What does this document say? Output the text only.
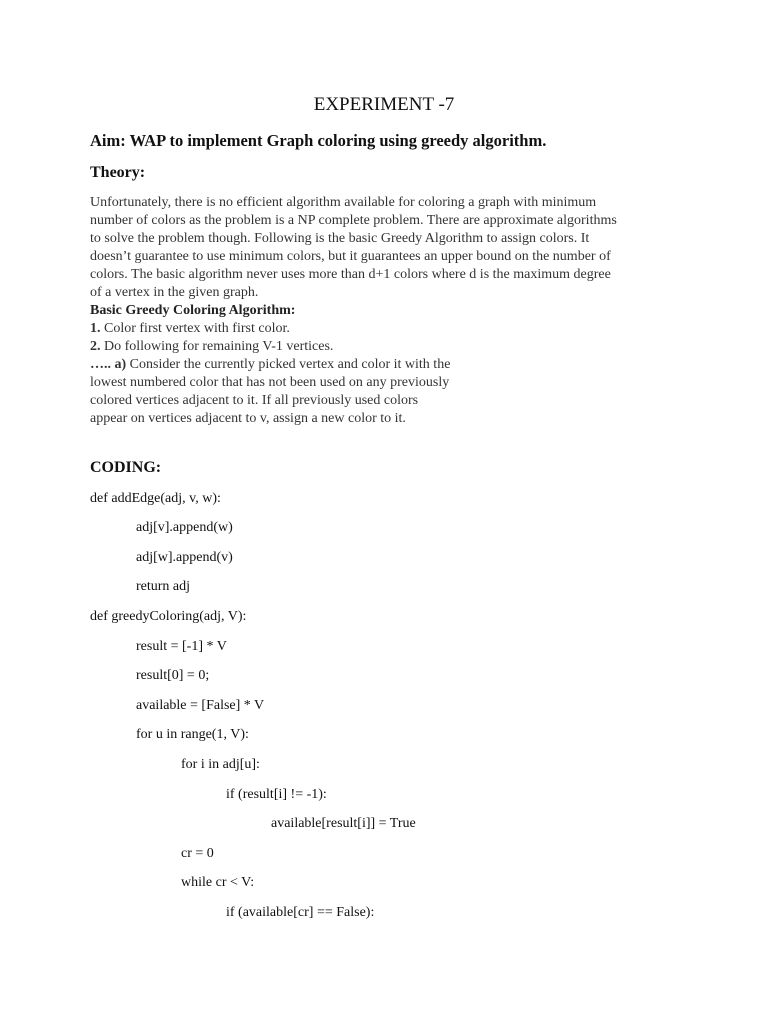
EXPERIMENT -7
Aim: WAP to implement Graph coloring using greedy algorithm.
Theory:
Unfortunately, there is no efficient algorithm available for coloring a graph with minimum
number of colors as the problem is a NP complete problem. There are approximate algorithms
to solve the problem though. Following is the basic Greedy Algorithm to assign colors. It
doesn’t guarantee to use minimum colors, but it guarantees an upper bound on the number of
colors. The basic algorithm never uses more than d+1 colors where d is the maximum degree
of a vertex in the given graph.
Basic Greedy Coloring Algorithm:
1. Color first vertex with first color.
2. Do following for remaining V-1 vertices.
….. a) Consider the currently picked vertex and color it with the
lowest numbered color that has not been used on any previously
colored vertices adjacent to it. If all previously used colors
appear on vertices adjacent to v, assign a new color to it.
CODING:
def addEdge(adj, v, w):
adj[v].append(w)
adj[w].append(v)
return adj
def greedyColoring(adj, V):
result = [-1] * V
result[0] = 0;
available = [False] * V
for u in range(1, V):
for i in adj[u]:
if (result[i] != -1):
available[result[i]] = True
cr = 0
while cr < V:
if (available[cr] == False):
